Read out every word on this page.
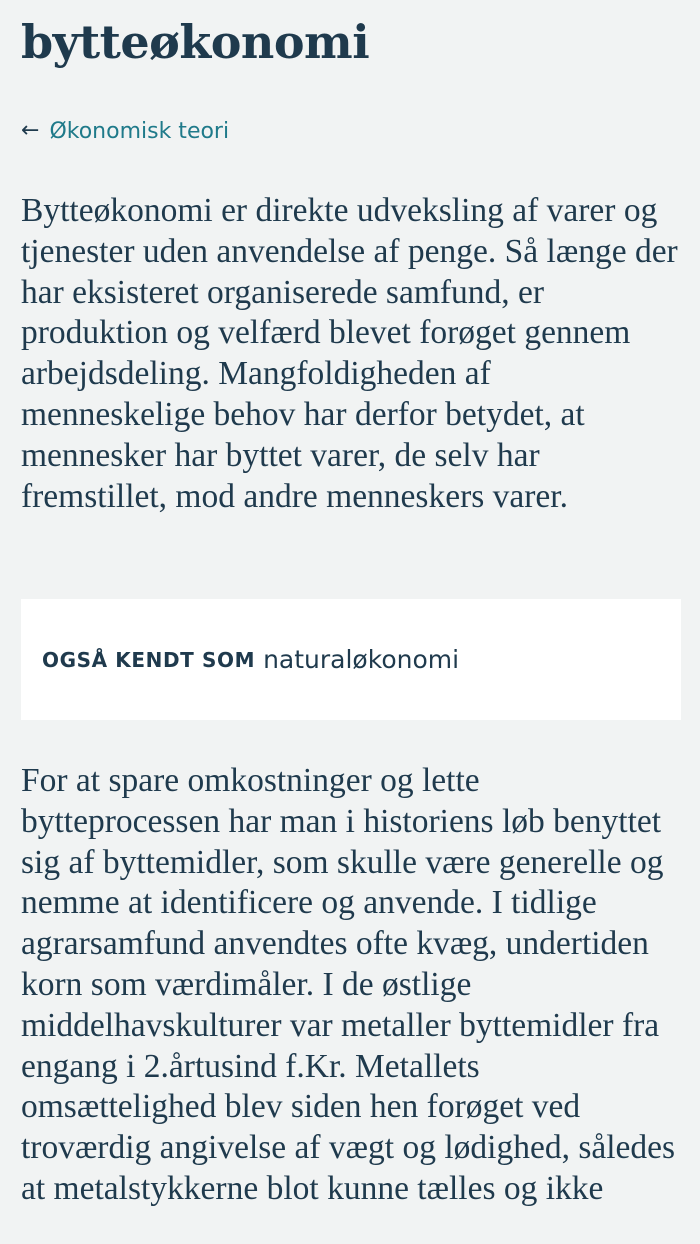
bytteøkonomi
← Økonomisk teori

Bytteøkonomi er direkte udveksling af varer og tjenester uden anvendelse af penge. Så længe der har eksisteret organiserede samfund, er produktion og velfærd blevet forøget gennem arbejdsdeling. Mangfoldigheden af menneskelige behov har derfor betydet, at mennesker har byttet varer, de selv har fremstillet, mod andre menneskers varer.

OGSÅ KENDT SOM naturaløkonomi

For at spare omkostninger og lette bytteprocessen har man i historiens løb benyttet sig af byttemidler, som skulle være generelle og nemme at identificere og anvende. I tidlige agrarsamfund anvendtes ofte kvæg, undertiden korn som værdimåler. I de østlige middelhavskulturer var metaller byttemidler fra engang i 2.årtusind f.Kr. Metallets omsættelighed blev siden hen forøget ved troværdig angivelse af vægt og lødighed, således at metalstykkerne blot kunne tælles og ikke
